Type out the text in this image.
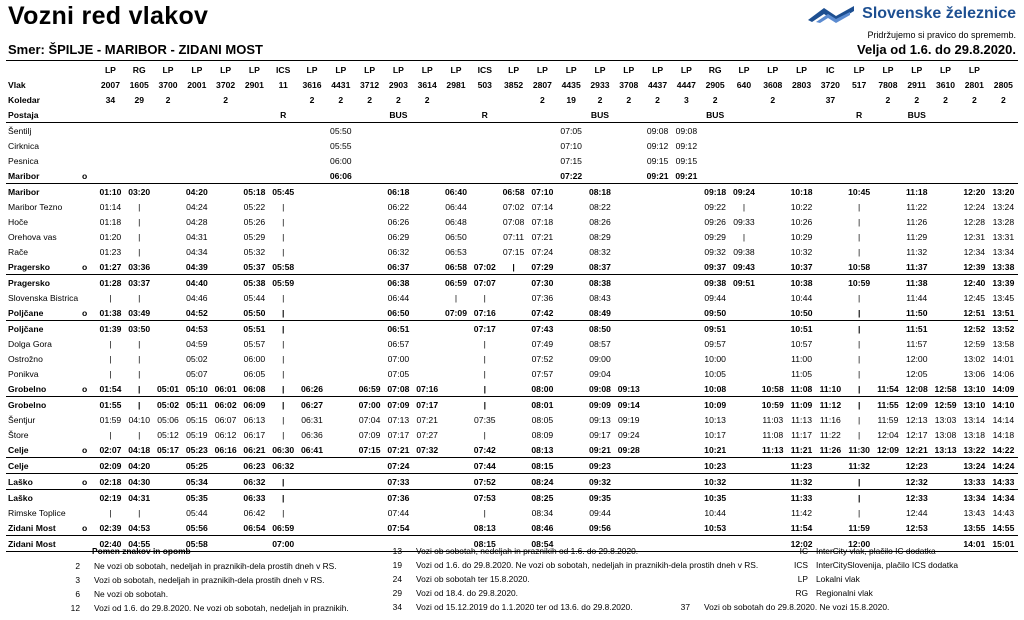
Vozni red vlakov	Slovenske železnice
Pridržujemo si pravico do sprememb.
Smer: ŠPILJE - MARIBOR - ZIDANI MOST	Velja od 1.6. do 29.8.2020.
		LP	RG	LP	LP	LP	LP	ICS	LP	LP	LP	LP	LP	LP	ICS	LP	LP	LP	LP	LP	LP	LP	RG	LP	LP	LP	IC	LP	LP	LP	LP	LP	
Vlak		2007	1605	3700	2001	3702	2901	11	3616	4431	3712	2903	3614	2981	503	3852	2807	4435	2933	3708	4437	4447	2905	640	3608	2803	3720	517	7808	2911	3610	2801	2805
Koledar		34	29	2		2			2	2	2	2	2				2	19	2	2	2	3	2		2		37		2	2	2	2	2
Postaja								R				BUS			R				BUS				BUS					R		BUS			
Šentilj										05:50								07:05			09:08	09:08											
Cirknica										05:55								07:10			09:12	09:12											
Pesnica										06:00								07:15			09:15	09:15											
Maribor	o									06:06								07:22			09:21	09:21											
Maribor		01:10	03:20		04:20		05:18	05:45				06:18		06:40		06:58	07:10		08:18				09:18	09:24		10:18		10:45		11:18		12:20	13:20
Maribor Tezno		01:14	|		04:24		05:22	|				06:22		06:44		07:02	07:14		08:22				09:22	|		10:22		|		11:22		12:24	13:24
Hoče		01:18	|		04:28		05:26	|				06:26		06:48		07:08	07:18		08:26				09:26	09:33		10:26		|		11:26		12:28	13:28
Orehova vas		01:20	|		04:31		05:29	|				06:29		06:50		07:11	07:21		08:29				09:29	|		10:29		|		11:29		12:31	13:31
Rače		01:23	|		04:34		05:32	|				06:32		06:53		07:15	07:24		08:32				09:32	09:38		10:32		|		11:32		12:34	13:34
Pragersko	o	01:27	03:36		04:39		05:37	05:58				06:37		06:58	07:02	|	07:29		08:37				09:37	09:43		10:37		10:58		11:37		12:39	13:38
Pragersko		01:28	03:37		04:40		05:38	05:59				06:38		06:59	07:07		07:30		08:38				09:38	09:51		10:38		10:59		11:38		12:40	13:39
Slovenska Bistrica		|	|		04:46		05:44	|				06:44		|	|		07:36		08:43				09:44			10:44		|		11:44		12:45	13:45
Poljčane	o	01:38	03:49		04:52		05:50	|				06:50		07:09	07:16		07:42		08:49				09:50			10:50		|		11:50		12:51	13:51
Poljčane		01:39	03:50		04:53		05:51	|				06:51			07:17		07:43		08:50				09:51			10:51		|		11:51		12:52	13:52
Dolga Gora		|	|		04:59		05:57	|				06:57			|		07:49		08:57				09:57			10:57		|		11:57		12:59	13:58
Ostrožno		|	|		05:02		06:00	|				07:00			|		07:52		09:00				10:00			11:00		|		12:00		13:02	14:01
Ponikva		|	|		05:07		06:05	|				07:05			|		07:57		09:04				10:05			11:05		|		12:05		13:06	14:06
Grobelno	o	01:54	|	05:01	05:10	06:01	06:08	|	06:26		06:59	07:08	07:16		|		08:00		09:08	09:13			10:08		10:58	11:08	11:10	|	11:54	12:08	12:58	13:10	14:09
Grobelno		01:55	|	05:02	05:11	06:02	06:09	|	06:27		07:00	07:09	07:17		|		08:01		09:09	09:14			10:09		10:59	11:09	11:12	|	11:55	12:09	12:59	13:10	14:10
Šentjur		01:59	04:10	05:06	05:15	06:07	06:13	|	06:31		07:04	07:13	07:21		07:35		08:05		09:13	09:19			10:13		11:03	11:13	11:16	|	11:59	12:13	13:03	13:14	14:14
Štore		|	|	05:12	05:19	06:12	06:17	|	06:36		07:09	07:17	07:27		|		08:09		09:17	09:24			10:17		11:08	11:17	11:22	|	12:04	12:17	13:08	13:18	14:18
Celje	o	02:07	04:18	05:17	05:23	06:16	06:21	06:30	06:41		07:15	07:21	07:32		07:42		08:13		09:21	09:28			10:21		11:13	11:21	11:26	11:30	12:09	12:21	13:13	13:22	14:22
Celje		02:09	04:20		05:25		06:23	06:32				07:24			07:44		08:15		09:23				10:23			11:23		11:32		12:23		13:24	14:24
Laško	o	02:18	04:30		05:34		06:32	|				07:33			07:52		08:24		09:32				10:32			11:32		|		12:32		13:33	14:33
Laško		02:19	04:31		05:35		06:33	|				07:36			07:53		08:25		09:35				10:35			11:33		|		12:33		13:34	14:34
Rimske Toplice		|	|		05:44		06:42	|				07:44			|		08:34		09:44				10:44			11:42		|		12:44		13:43	14:43
Zidani Most	o	02:39	04:53		05:56		06:54	06:59				07:54			08:13		08:46		09:56				10:53			11:54		11:59		12:53		13:55	14:55
Zidani Most		02:40	04:55		05:58			07:00							08:15		08:54									12:02		12:00				14:01	15:01
Pomen znakov in opomb
2 Ne vozi ob sobotah, nedeljah in praznikih-dela prostih dneh v RS.
3 Vozi ob sobotah, nedeljah in praznikih-dela prostih dneh v RS.
6 Ne vozi ob sobotah.
12 Vozi od 1.6. do 29.8.2020. Ne vozi ob sobotah, nedeljah in praznikih.
13 Vozi ob sobotah, nedeljah in praznikih od 1.6. do 29.8.2020.
19 Vozi od 1.6. do 29.8.2020. Ne vozi ob sobotah, nedeljah in praznikih-dela prostih dneh v RS.
24 Vozi ob sobotah ter 15.8.2020.
29 Vozi od 18.4. do 29.8.2020.
34 Vozi od 15.12.2019 do 1.1.2020 ter od 13.6. do 29.8.2020.	37 Vozi ob sobotah do 29.8.2020. Ne vozi 15.8.2020.
IC InterCity vlak, plačilo IC dodatka
ICS InterCitySlovenija, plačilo ICS dodatka
LP Lokalni vlak
RG Regionalni vlak
